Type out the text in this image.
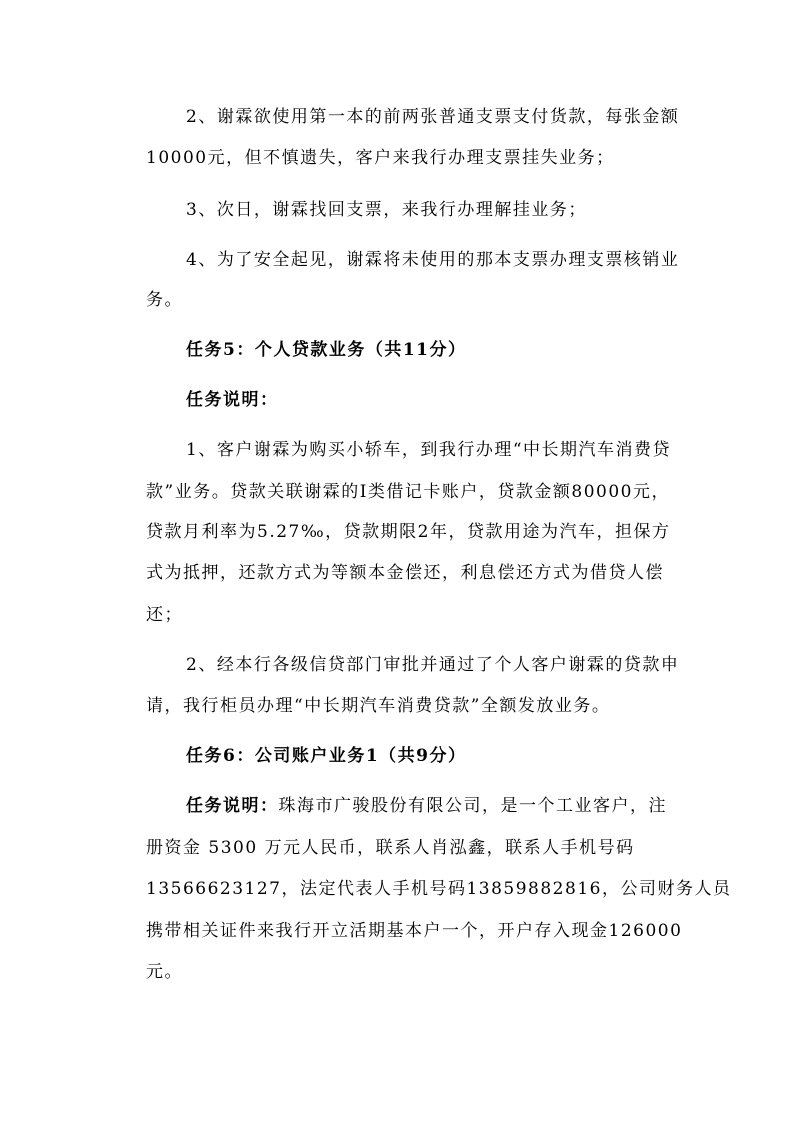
2、谢霖欲使用第一本的前两张普通支票支付货款，每张金额
10000元，但不慎遗失，客户来我行办理支票挂失业务；
3、次日，谢霖找回支票，来我行办理解挂业务；
4、为了安全起见，谢霖将未使用的那本支票办理支票核销业
务。
任务5：个人贷款业务（共11分）
任务说明：
1、客户谢霖为购买小轿车，到我行办理“中长期汽车消费贷
款”业务。贷款关联谢霖的Ⅰ类借记卡账户，贷款金额80000元，
贷款月利率为5.27‰，贷款期限2年，贷款用途为汽车，担保方
式为抵押，还款方式为等额本金偿还，利息偿还方式为借贷人偿
还；
2、经本行各级信贷部门审批并通过了个人客户谢霖的贷款申
请，我行柜员办理“中长期汽车消费贷款”全额发放业务。
任务6：公司账户业务1（共9分）
任务说明：珠海市广骏股份有限公司，是一个工业客户，注
册资金 5300 万元人民币，联系人肖泓鑫，联系人手机号码
13566623127，法定代表人手机号码13859882816，公司财务人员
携带相关证件来我行开立活期基本户一个，开户存入现金126000
元。
